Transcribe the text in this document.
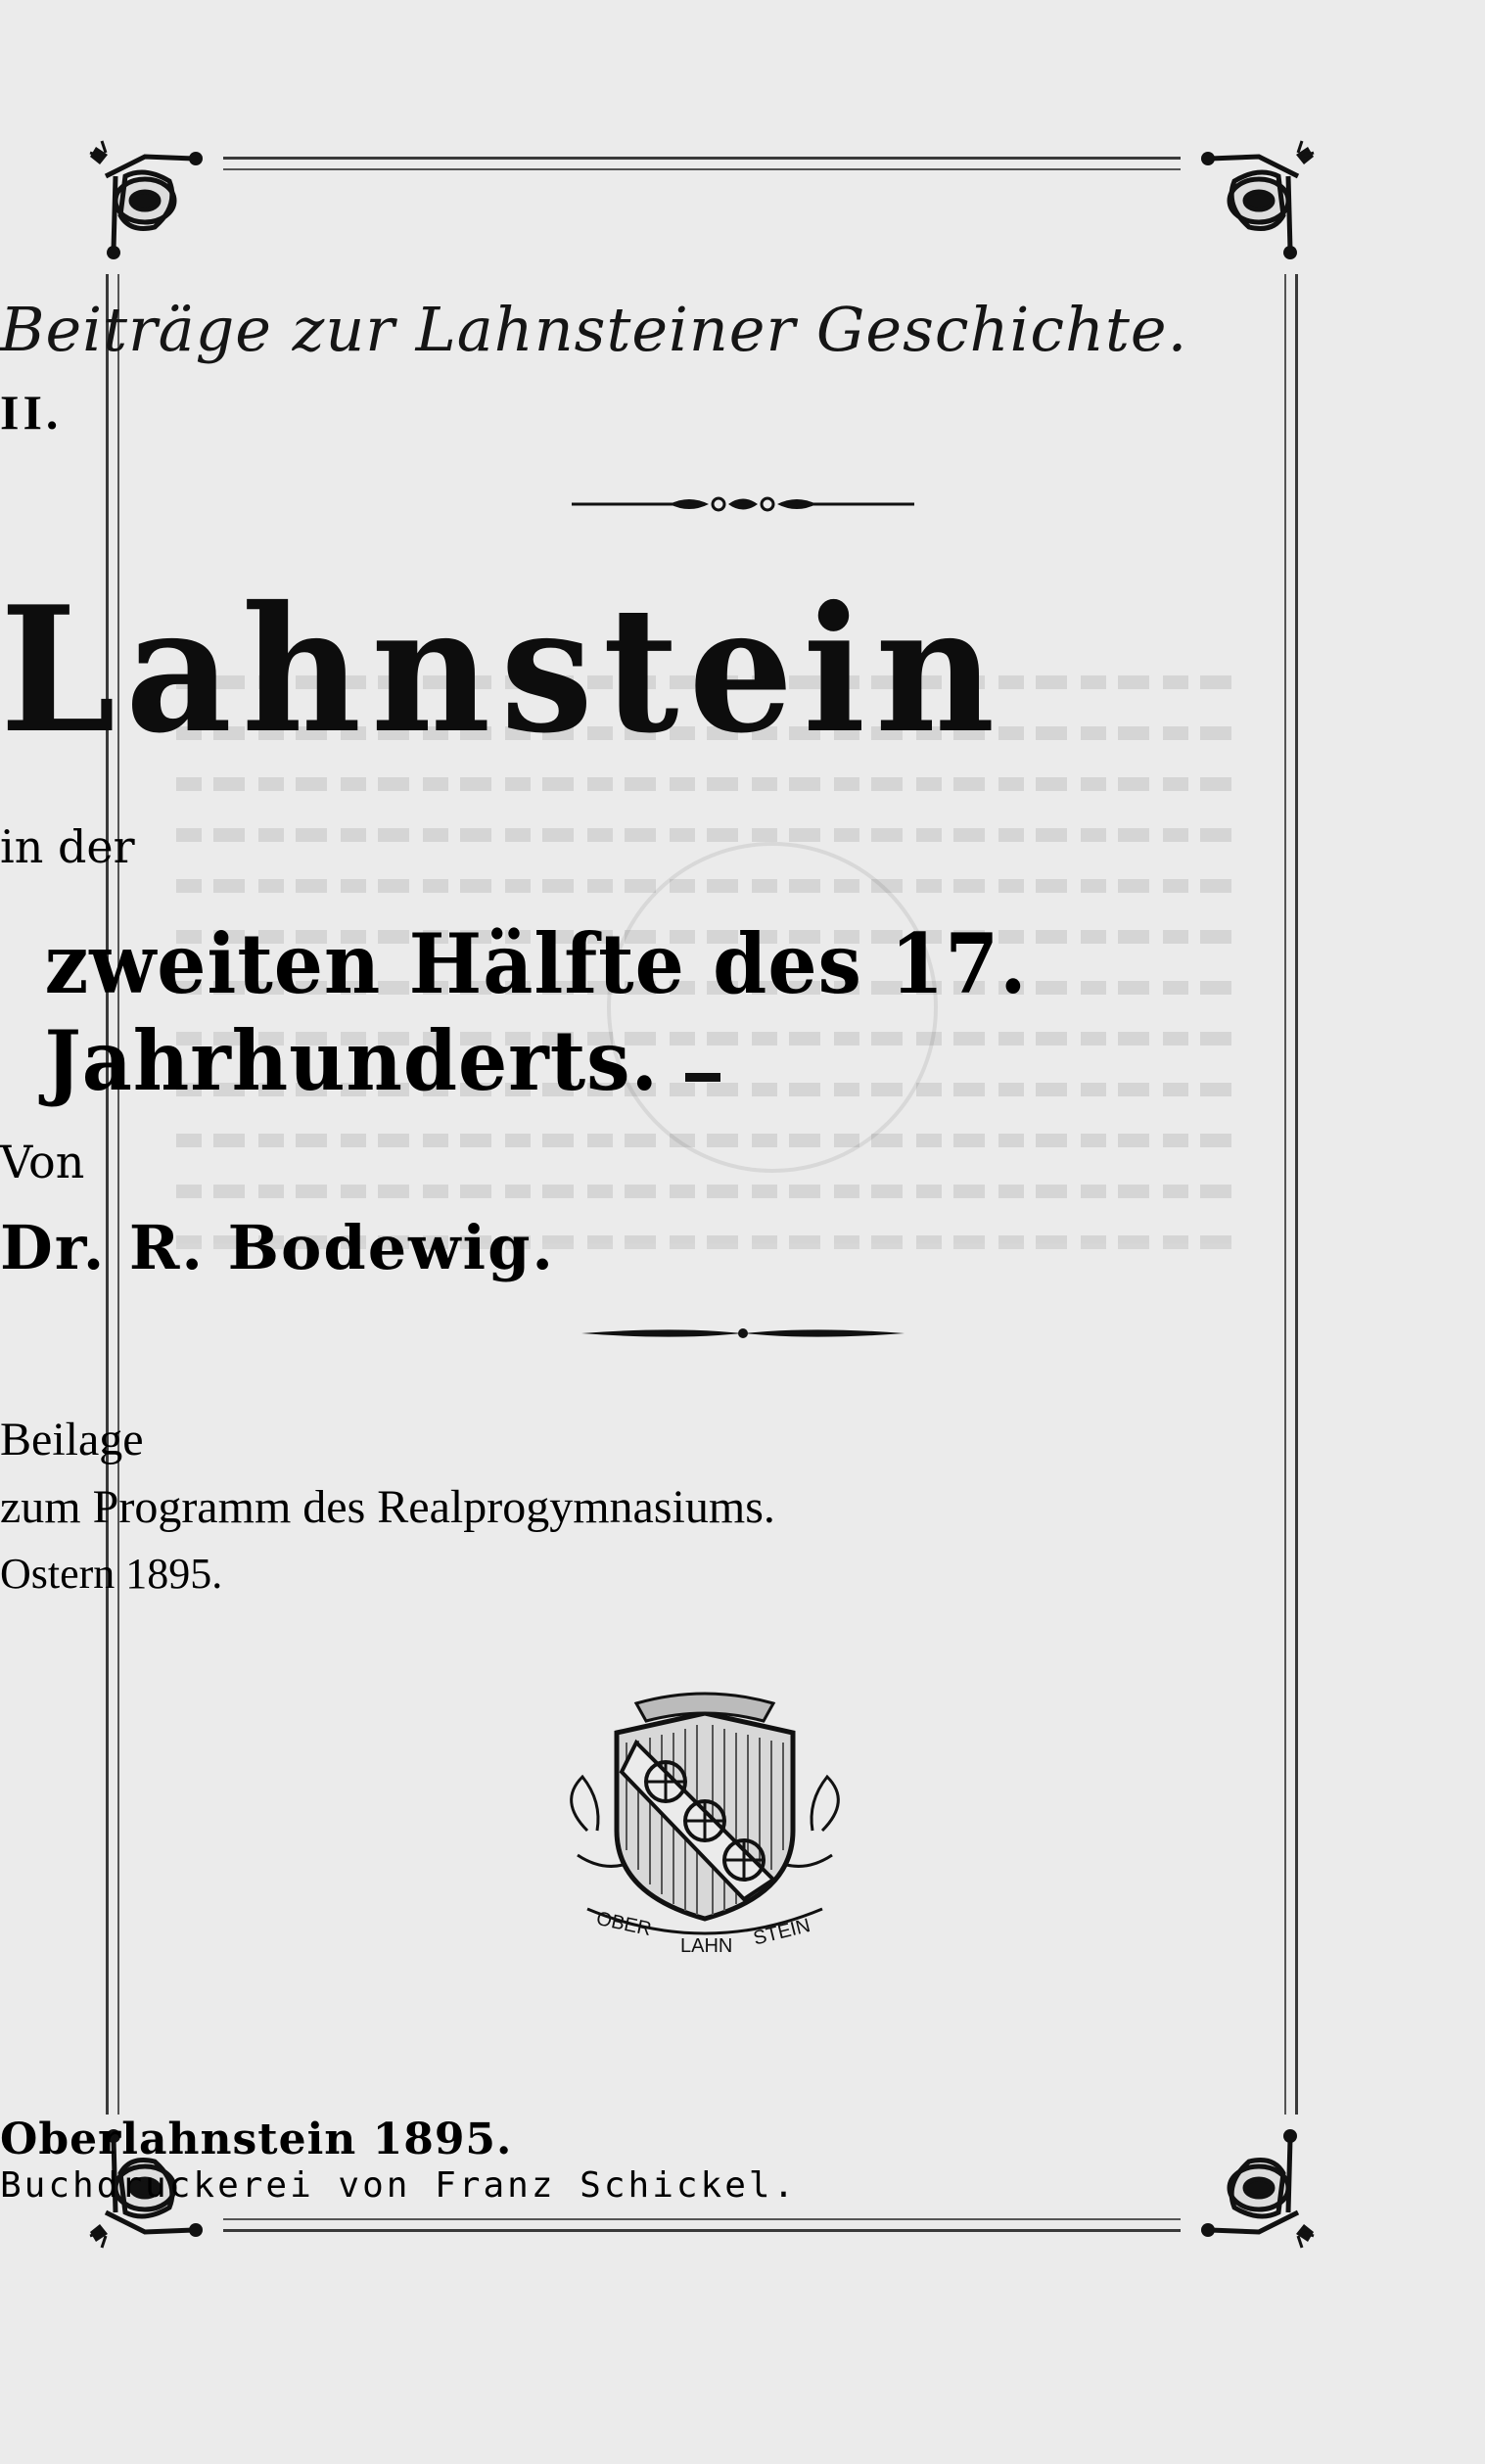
Beiträge zur Lahnsteiner Geschichte.
II.
Lahnstein
in der
zweiten Hälfte des 17. Jahrhunderts.
Von
Dr. R. Bodewig.
Beilage
zum Programm des Realprogymnasiums.
Ostern 1895.
OBER
LAHN STEIN
Oberlahnstein 1895.
Buchdruckerei von Franz Schickel.
